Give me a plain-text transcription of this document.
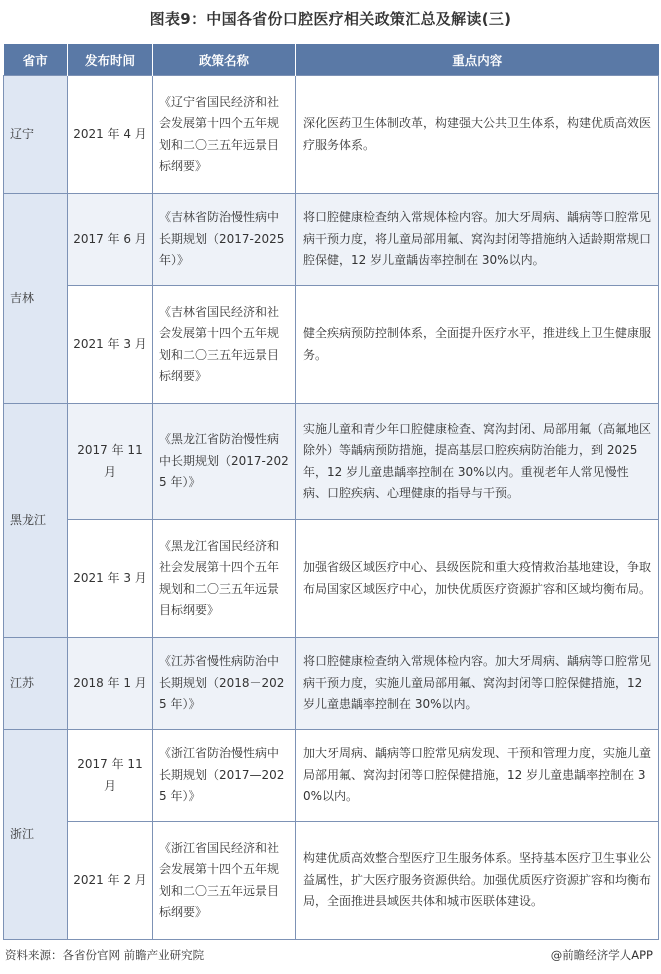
图表9：中国各省份口腔医疗相关政策汇总及解读(三)
省市	发布时间	政策名称	重点内容
辽宁	2021 年 4 月	《辽宁省国民经济和社会发展第十四个五年规划和二〇三五年远景目标纲要》	深化医药卫生体制改革，构建强大公共卫生体系，构建优质高效医疗服务体系。
吉林	2017 年 6 月	《吉林省防治慢性病中长期规划（2017-2025 年）》	将口腔健康检查纳入常规体检内容。加大牙周病、龋病等口腔常见病干预力度，将儿童局部用氟、窝沟封闭等措施纳入适龄期常规口腔保健，12 岁儿童龋齿率控制在 30%以内。
	2021 年 3 月	《吉林省国民经济和社会发展第十四个五年规划和二〇三五年远景目标纲要》	健全疾病预防控制体系，全面提升医疗水平，推进线上卫生健康服务。
黑龙江	2017 年 11 月	《黑龙江省防治慢性病中长期规划（2017-2025 年）》	实施儿童和青少年口腔健康检查、窝沟封闭、局部用氟（高氟地区除外）等龋病预防措施，提高基层口腔疾病防治能力，到 2025 年，12 岁儿童患龋率控制在 30%以内。重视老年人常见慢性病、口腔疾病、心理健康的指导与干预。
	2021 年 3 月	《黑龙江省国民经济和社会发展第十四个五年规划和二〇三五年远景目标纲要》	加强省级区域医疗中心、县级医院和重大疫情救治基地建设，争取布局国家区域医疗中心，加快优质医疗资源扩容和区域均衡布局。
江苏	2018 年 1 月	《江苏省慢性病防治中长期规划（2018－2025 年）》	将口腔健康检查纳入常规体检内容。加大牙周病、龋病等口腔常见病干预力度，实施儿童局部用氟、窝沟封闭等口腔保健措施，12 岁儿童患龋率控制在 30%以内。
浙江	2017 年 11 月	《浙江省防治慢性病中长期规划（2017—2025 年）》	加大牙周病、龋病等口腔常见病发现、干预和管理力度，实施儿童局部用氟、窝沟封闭等口腔保健措施，12 岁儿童患龋率控制在 30%以内。
	2021 年 2 月	《浙江省国民经济和社会发展第十四个五年规划和二〇三五年远景目标纲要》	构建优质高效整合型医疗卫生服务体系。坚持基本医疗卫生事业公益属性，扩大医疗服务资源供给。加强优质医疗资源扩容和均衡布局，全面推进县域医共体和城市医联体建设。
资料来源：各省份官网 前瞻产业研究院	@前瞻经济学人APP
